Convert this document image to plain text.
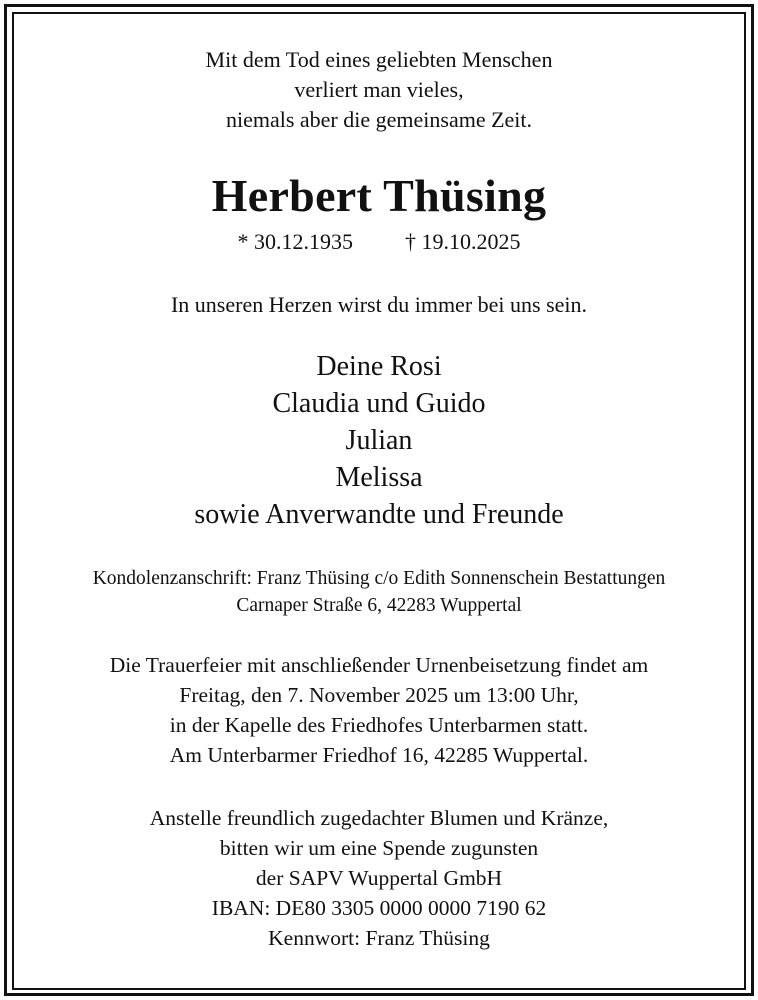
Mit dem Tod eines geliebten Menschen
verliert man vieles,
niemals aber die gemeinsame Zeit.
Herbert Thüsing
* 30.12.1935 † 19.10.2025
In unseren Herzen wirst du immer bei uns sein.
Deine Rosi
Claudia und Guido
Julian
Melissa
sowie Anverwandte und Freunde
Kondolenzanschrift: Franz Thüsing c/o Edith Sonnenschein Bestattungen
Carnaper Straße 6, 42283 Wuppertal
Die Trauerfeier mit anschließender Urnenbeisetzung findet am
Freitag, den 7. November 2025 um 13:00 Uhr,
in der Kapelle des Friedhofes Unterbarmen statt.
Am Unterbarmer Friedhof 16, 42285 Wuppertal.
Anstelle freundlich zugedachter Blumen und Kränze,
bitten wir um eine Spende zugunsten
der SAPV Wuppertal GmbH
IBAN: DE80 3305 0000 0000 7190 62
Kennwort: Franz Thüsing
